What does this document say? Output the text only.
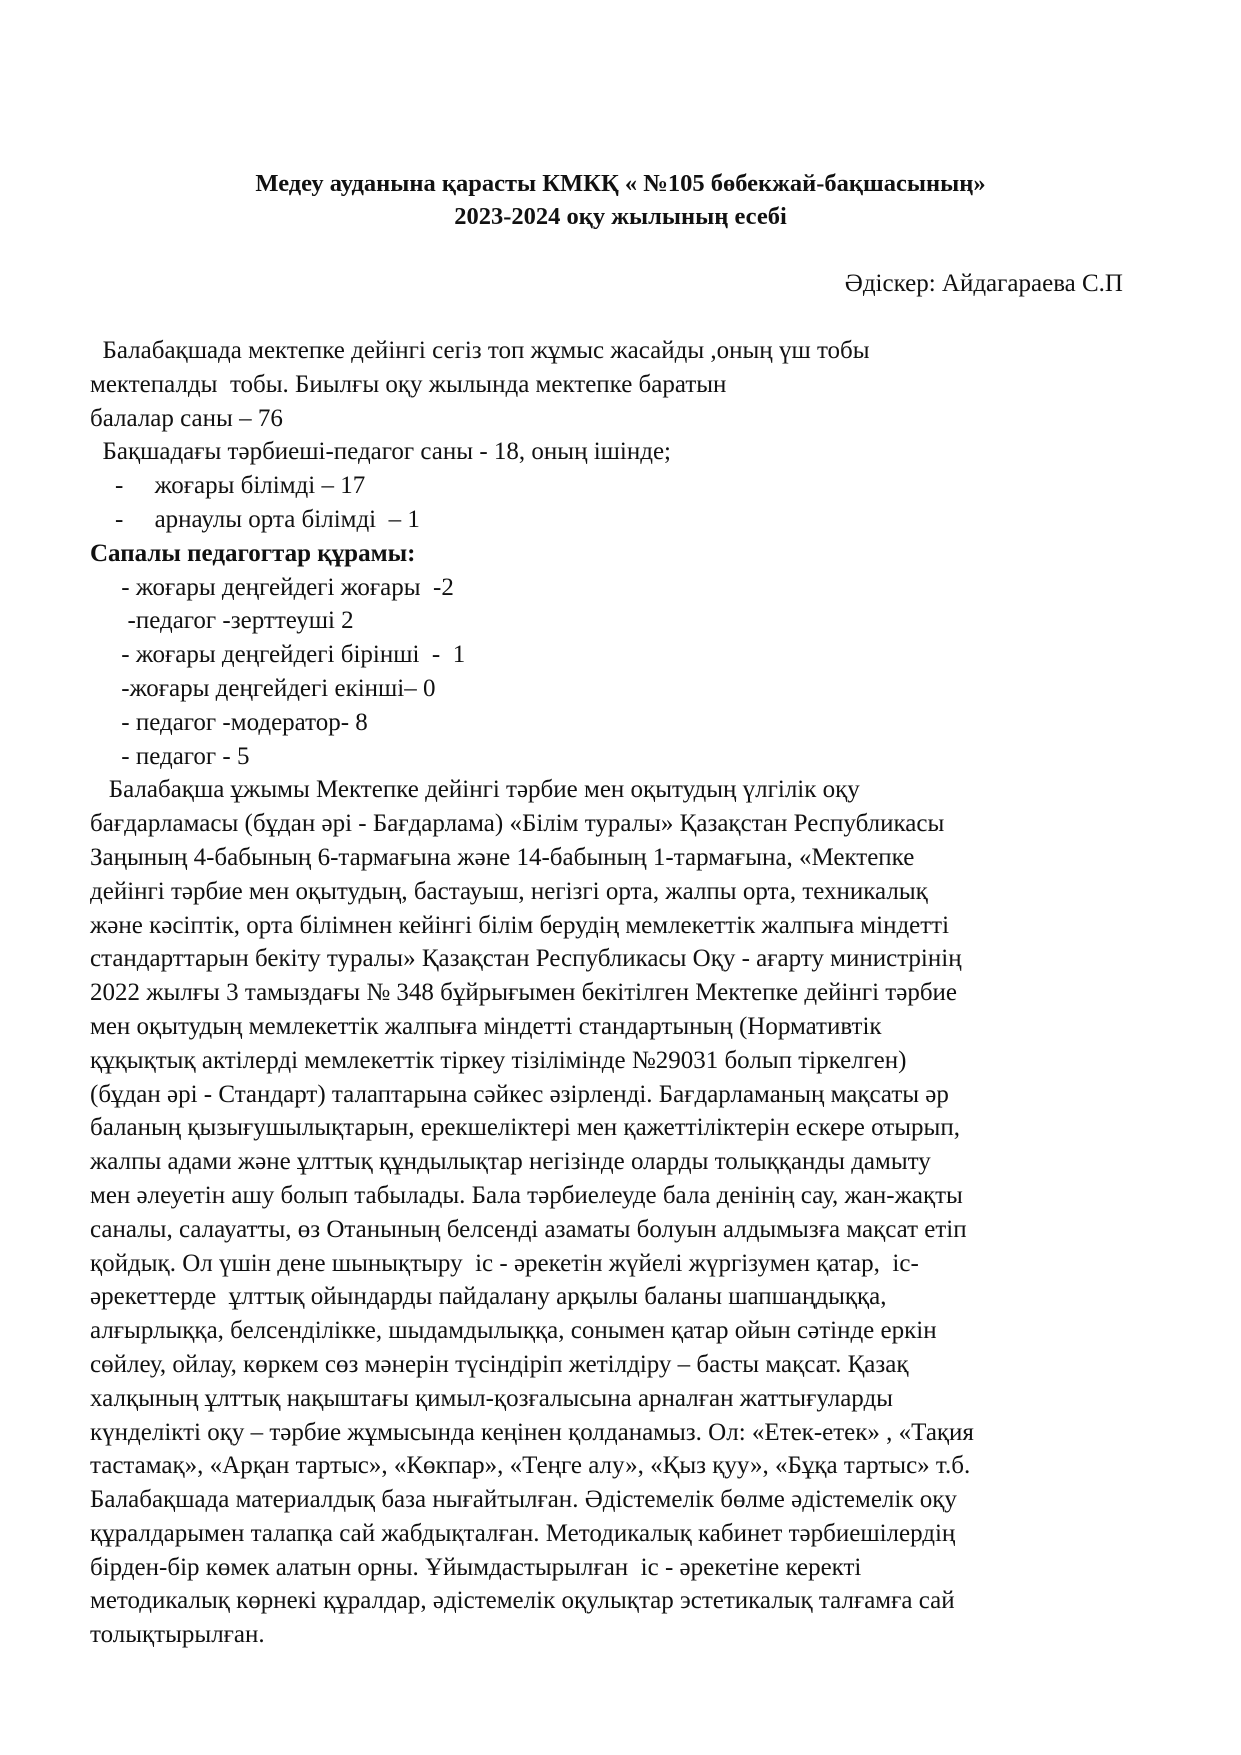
Медеу ауданына қарасты КМКҚ « №105 бөбекжай-бақшасының»
2023-2024 оқу жылының есебі
Әдіскер: Айдагараева С.П
Балабақшада мектепке дейінгі сегіз топ жұмыс жасайды ,оның үш тобы
мектепалды  тобы. Биылғы оқу жылында мектепке баратын
балалар саны – 76
Бақшадағы тәрбиеші-педагог саны - 18, оның ішінде;
-     жоғары білімді – 17
-     арнаулы орта білімді  – 1
Сапалы педагогтар құрамы:
- жоғары деңгейдегі жоғары  -2
-педагог -зерттеуші 2
- жоғары деңгейдегі бірінші  -  1
-жоғары деңгейдегі екінші– 0
- педагог -модератор- 8
- педагог - 5
Балабақша ұжымы Мектепке дейінгі тәрбие мен оқытудың үлгілік оқу
бағдарламасы (бұдан әрі - Бағдарлама) «Білім туралы» Қазақстан Республикасы
Заңының 4-бабының 6-тармағына және 14-бабының 1-тармағына, «Мектепке
дейінгі тәрбие мен оқытудың, бастауыш, негізгі орта, жалпы орта, техникалық
және кәсіптік, орта білімнен кейінгі білім берудің мемлекеттік жалпыға міндетті
стандарттарын бекіту туралы» Қазақстан Республикасы Оқу - ағарту министрінің
2022 жылғы 3 тамыздағы № 348 бұйрығымен бекітілген Мектепке дейінгі тәрбие
мен оқытудың мемлекеттік жалпыға міндетті стандартының (Нормативтік
құқықтық актілерді мемлекеттік тіркеу тізілімінде №29031 болып тіркелген)
(бұдан әрі - Стандарт) талаптарына сәйкес әзірленді. Бағдарламаның мақсаты әр
баланың қызығушылықтарын, ерекшеліктері мен қажеттіліктерін ескере отырып,
жалпы адами және ұлттық құндылықтар негізінде оларды толыққанды дамыту
мен әлеуетін ашу болып табылады. Бала тәрбиелеуде бала денінің сау, жан-жақты
саналы, салауатты, өз Отанының белсенді азаматы болуын алдымызға мақсат етіп
қойдық. Ол үшін дене шынықтыру  іс - әрекетін жүйелі жүргізумен қатар,  іс-
әрекеттерде  ұлттық ойындарды пайдалану арқылы баланы шапшаңдыққа,
алғырлыққа, белсенділікке, шыдамдылыққа, сонымен қатар ойын сәтінде еркін
сөйлеу, ойлау, көркем сөз мәнерін түсіндіріп жетілдіру – басты мақсат. Қазақ
халқының ұлттық нақыштағы қимыл-қозғалысына арналған жаттығуларды
күнделікті оқу – тәрбие жұмысында кеңінен қолданамыз. Ол: «Етек-етек» , «Тақия
тастамақ», «Арқан тартыс», «Көкпар», «Теңге алу», «Қыз қуу», «Бұқа тартыс» т.б.
Балабақшада материалдық база нығайтылған. Әдістемелік бөлме әдістемелік оқу
құралдарымен талапқа сай жабдықталған. Методикалық кабинет тәрбиешілердің
бірден-бір көмек алатын орны. Ұйымдастырылған  іс - әрекетіне керекті
методикалық көрнекі құралдар, әдістемелік оқулықтар эстетикалық талғамға сай
толықтырылған.
